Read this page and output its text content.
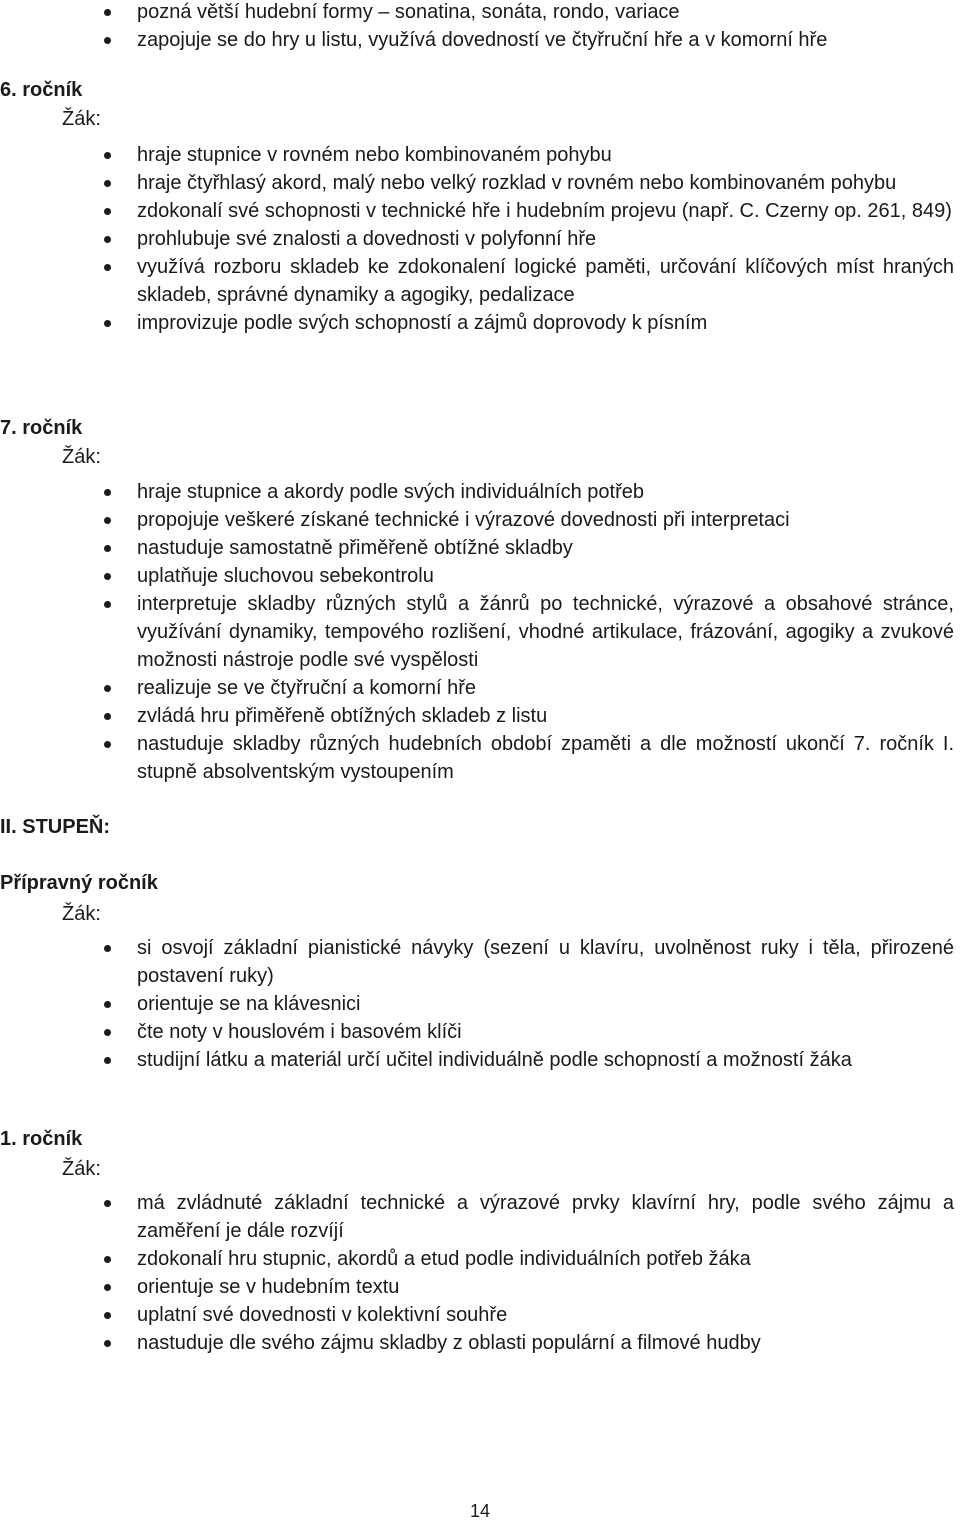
pozná větší hudební formy – sonatina, sonáta, rondo, variace
zapojuje se do hry u listu, využívá dovedností ve čtyřruční hře a v komorní hře
6. ročník
Žák:
hraje stupnice v rovném nebo kombinovaném pohybu
hraje čtyřhlasý akord, malý nebo velký rozklad v rovném nebo kombinovaném pohybu
zdokonalí své schopnosti v technické hře i hudebním projevu (např. C. Czerny op. 261, 849)
prohlubuje své znalosti a dovednosti v polyfonní hře
využívá rozboru skladeb ke zdokonalení logické paměti, určování klíčových míst hraných skladeb, správné dynamiky a agogiky, pedalizace
improvizuje podle svých schopností a zájmů doprovody k písním
7. ročník
Žák:
hraje stupnice a akordy podle svých individuálních potřeb
propojuje veškeré získané technické i výrazové dovednosti při interpretaci
nastuduje samostatně přiměřeně obtížné skladby
uplatňuje sluchovou sebekontrolu
interpretuje skladby různých stylů a žánrů po technické, výrazové a obsahové stránce, využívání dynamiky, tempového rozlišení, vhodné artikulace, frázování, agogiky a zvukové možnosti nástroje podle své vyspělosti
realizuje se ve čtyřruční a komorní hře
zvládá hru přiměřeně obtížných skladeb z listu
nastuduje skladby různých hudebních období zpaměti a dle možností ukončí 7. ročník I. stupně absolventským vystoupením
II. STUPEŇ:
Přípravný ročník
Žák:
si osvojí základní pianistické návyky (sezení u klavíru, uvolněnost ruky i těla, přirozené postavení ruky)
orientuje se na klávesnici
čte noty v houslovém i basovém klíči
studijní látku a materiál určí učitel individuálně podle schopností a možností žáka
1. ročník
Žák:
má zvládnuté základní technické a výrazové prvky klavírní hry, podle svého zájmu a zaměření je dále rozvíjí
zdokonalí hru stupnic, akordů a etud podle individuálních potřeb žáka
orientuje se v hudebním textu
uplatní své dovednosti v kolektivní souhře
nastuduje dle svého zájmu skladby z oblasti populární a filmové hudby
14
